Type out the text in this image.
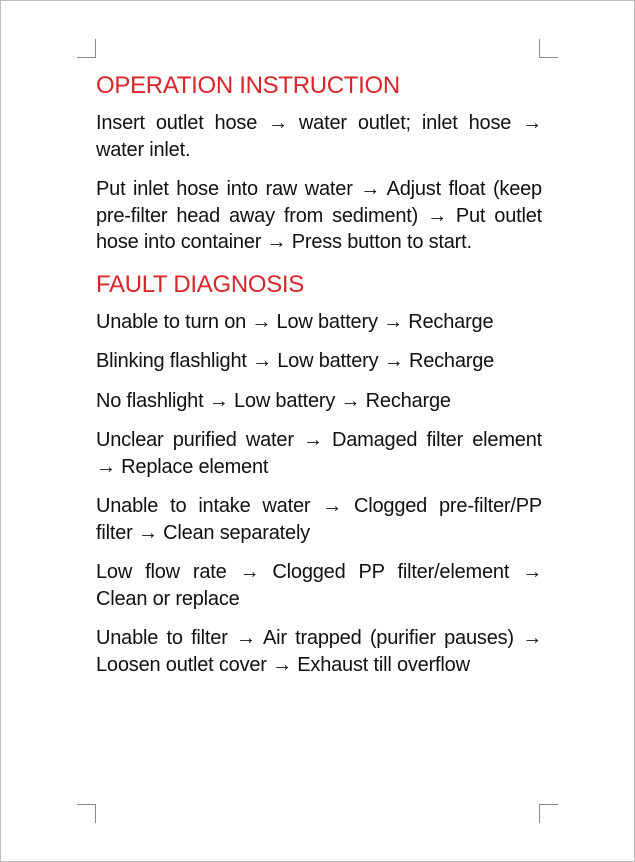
OPERATION INSTRUCTION

Insert outlet hose → water outlet; inlet hose → water inlet.

Put inlet hose into raw water → Adjust float (keep pre-filter head away from sediment) → Put outlet hose into container → Press button to start.

FAULT DIAGNOSIS

Unable to turn on → Low battery → Recharge

Blinking flashlight → Low battery → Recharge

No flashlight → Low battery → Recharge

Unclear purified water → Damaged filter element → Replace element

Unable to intake water → Clogged pre-filter/PP filter → Clean separately

Low flow rate → Clogged PP filter/element → Clean or replace

Unable to filter → Air trapped (purifier pauses) → Loosen outlet cover → Exhaust till overflow
